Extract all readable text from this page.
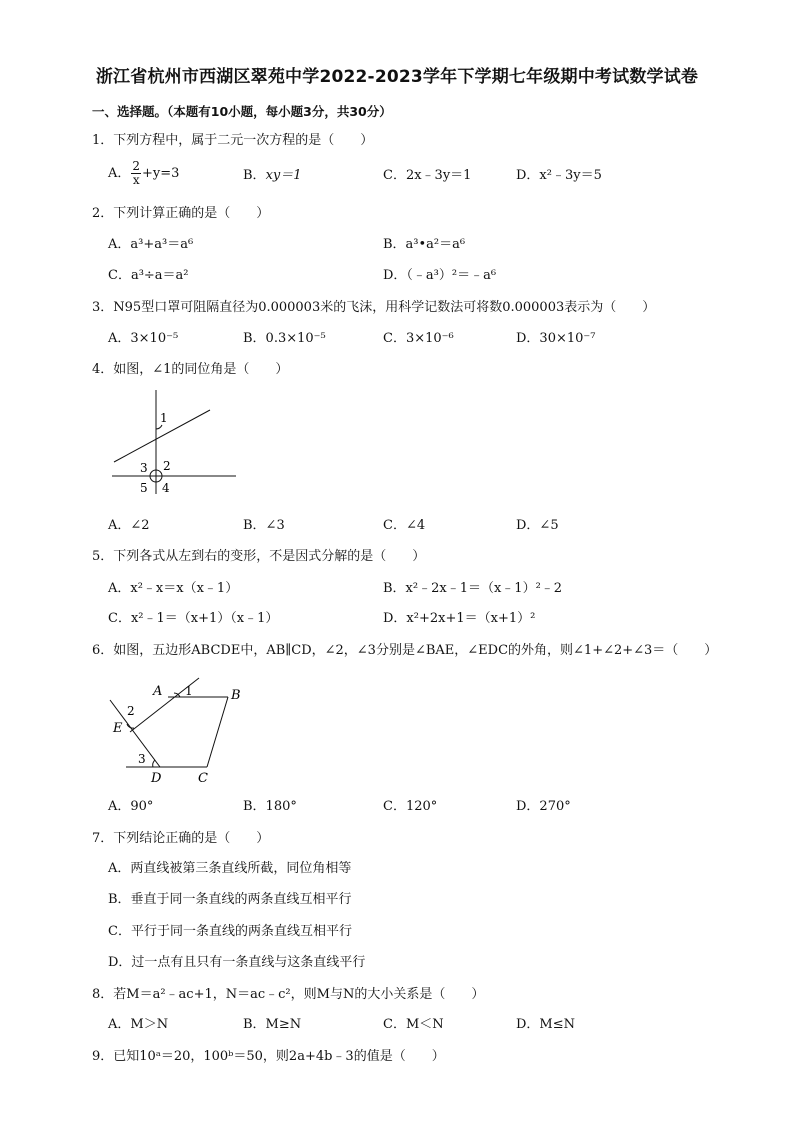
浙江省杭州市西湖区翠苑中学2022-2023学年下学期七年级期中考试数学试卷
一、选择题。（本题有10小题，每小题3分，共30分）
1．下列方程中，属于二元一次方程的是（　　）
A． $\frac{2}{x} +y=3$	B．xy＝1	C．2x﹣3y＝1	D．x²﹣3y＝5
2．下列计算正确的是（　　）
A．a³+a³＝a⁶	B．a³•a²＝a⁶
C．a³÷a＝a²	D．（﹣a³）²＝﹣a⁶
3．N95型口罩可阻隔直径为0.000003米的飞沫，用科学记数法可将数0.000003表示为（　　）
A．3×10⁻⁵	B．0.3×10⁻⁵	C．3×10⁻⁶	D．30×10⁻⁷
4．如图，∠1的同位角是（　　）
1
3 2
5 4
A．∠2	B．∠3	C．∠4	D．∠5
5．下列各式从左到右的变形，不是因式分解的是（　　）
A．x²﹣x＝x（x﹣1）	B．x²﹣2x﹣1＝（x﹣1）²﹣2
C．x²﹣1＝（x+1）（x﹣1）	D．x²+2x+1＝（x+1）²
6．如图，五边形ABCDE中，AB∥CD，∠2，∠3分别是∠BAE，∠EDC的外角，则∠1+∠2+∠3＝（　　）
A 1	B
2
E
3
D	C
A．90°	B．180°	C．120°	D．270°
7．下列结论正确的是（　　）
A．两直线被第三条直线所截，同位角相等
B．垂直于同一条直线的两条直线互相平行
C．平行于同一条直线的两条直线互相平行
D．过一点有且只有一条直线与这条直线平行
8．若M＝a²﹣ac+1，N＝ac﹣c²，则M与N的大小关系是（　　）
A．M＞N	B．M≥N	C．M＜N	D．M≤N
9．已知10ᵃ＝20，100ᵇ＝50，则2a+4b﹣3的值是（　　）
